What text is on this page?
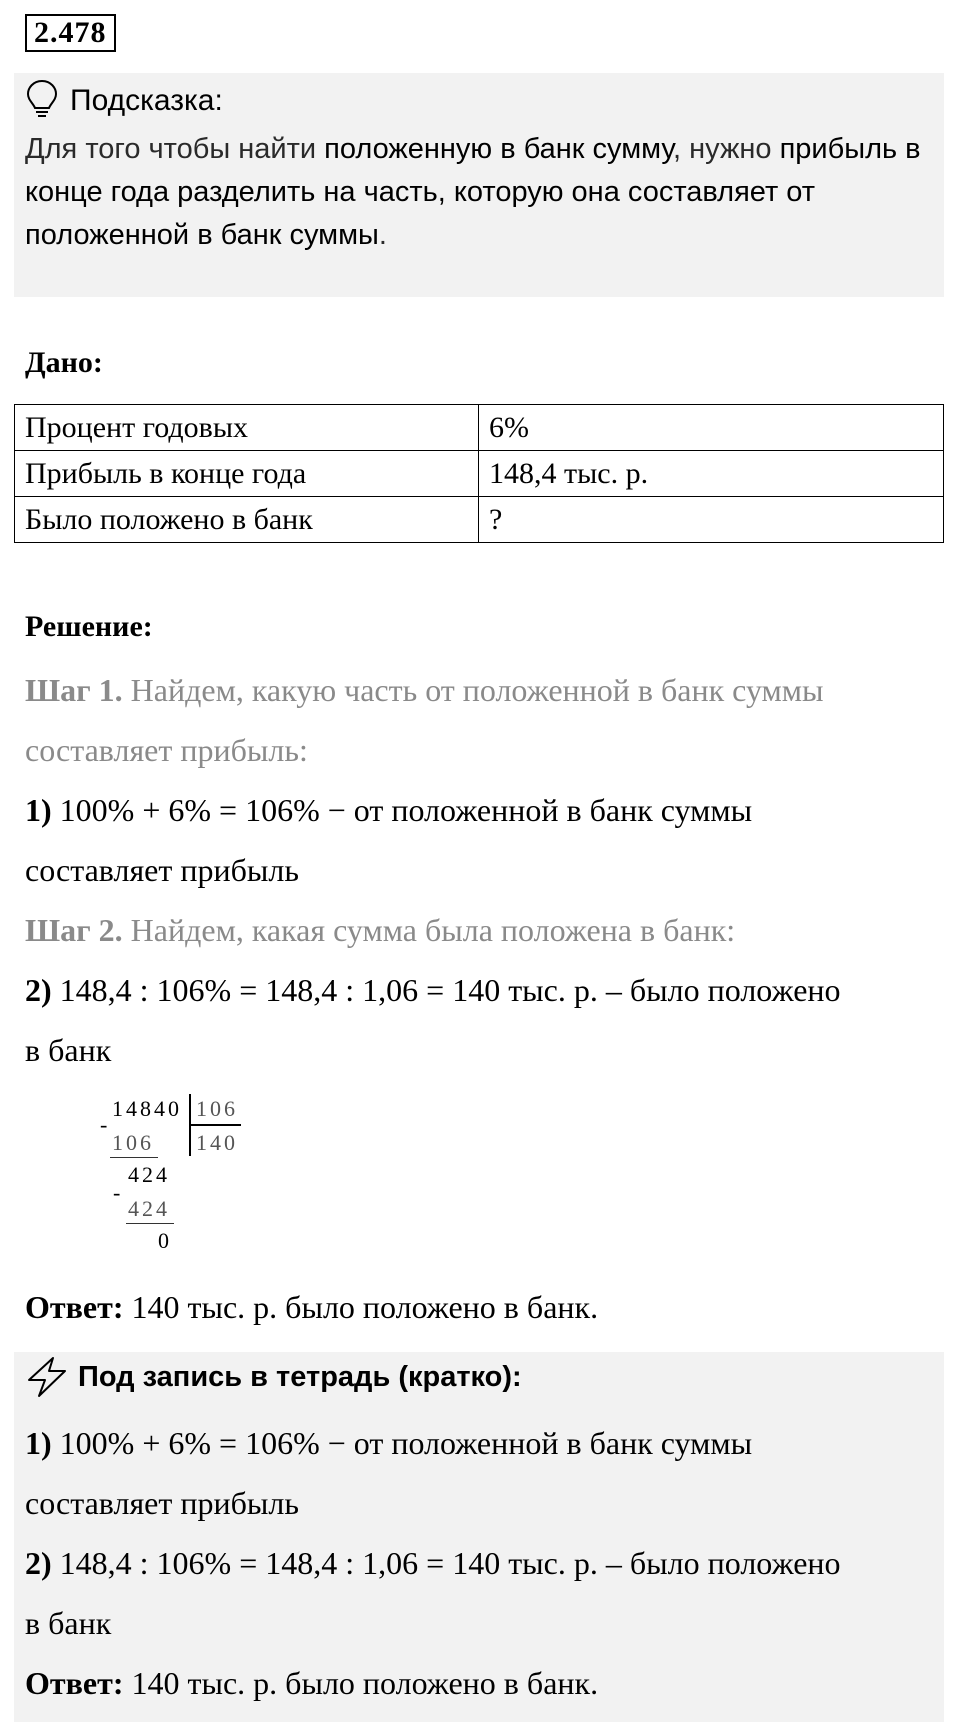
2.478
Подсказка:
Для того чтобы найти положенную в банк сумму, нужно прибыль в конце года разделить на часть, которую она составляет от положенной в банк суммы.
Дано:
Процент годовых	6%
Прибыль в конце года	148,4 тыс. р.
Было положено в банк	?
Решение:
Шаг 1. Найдем, какую часть от положенной в банк суммы
составляет прибыль:
1) 100% + 6% = 106% − от положенной в банк суммы
составляет прибыль
Шаг 2. Найдем, какая сумма была положена в банк:
2) 148,4 : 106% = 148,4 : 1,06 = 140 тыс. р. – было положено
в банк
14840 106
140
-
106
424
-
424
0
Ответ: 140 тыс. р. было положено в банк.
Под запись в тетрадь (кратко):
1) 100% + 6% = 106% − от положенной в банк суммы
составляет прибыль
2) 148,4 : 106% = 148,4 : 1,06 = 140 тыс. р. – было положено
в банк
Ответ: 140 тыс. р. было положено в банк.
